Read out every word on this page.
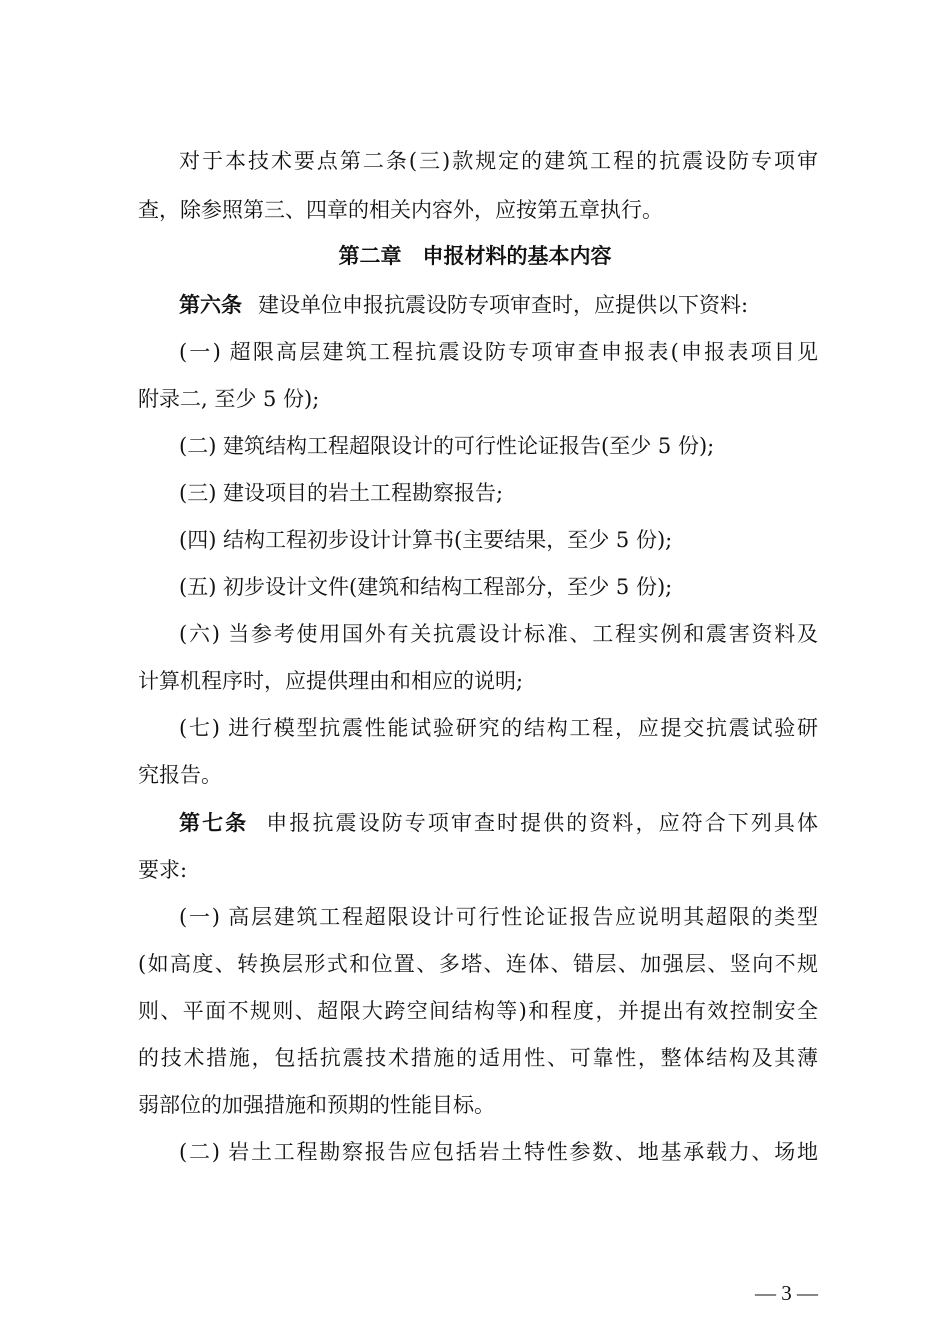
对于本技术要点第二条(三)款规定的建筑工程的抗震设防专项审
查，除参照第三、四章的相关内容外，应按第五章执行。
第二章　申报材料的基本内容
第六条 建设单位申报抗震设防专项审查时，应提供以下资料:
(一) 超限高层建筑工程抗震设防专项审查申报表(申报表项目见
附录二, 至少 5 份);
(二) 建筑结构工程超限设计的可行性论证报告(至少 5 份);
(三) 建设项目的岩土工程勘察报告;
(四) 结构工程初步设计计算书(主要结果，至少 5 份);
(五) 初步设计文件(建筑和结构工程部分，至少 5 份);
(六) 当参考使用国外有关抗震设计标准、工程实例和震害资料及
计算机程序时，应提供理由和相应的说明;
(七) 进行模型抗震性能试验研究的结构工程，应提交抗震试验研
究报告。
第七条 申报抗震设防专项审查时提供的资料，应符合下列具体
要求:
(一) 高层建筑工程超限设计可行性论证报告应说明其超限的类型
(如高度、转换层形式和位置、多塔、连体、错层、加强层、竖向不规
则、平面不规则、超限大跨空间结构等)和程度，并提出有效控制安全
的技术措施，包括抗震技术措施的适用性、可靠性，整体结构及其薄
弱部位的加强措施和预期的性能目标。
(二) 岩土工程勘察报告应包括岩土特性参数、地基承载力、场地
— 3 —
